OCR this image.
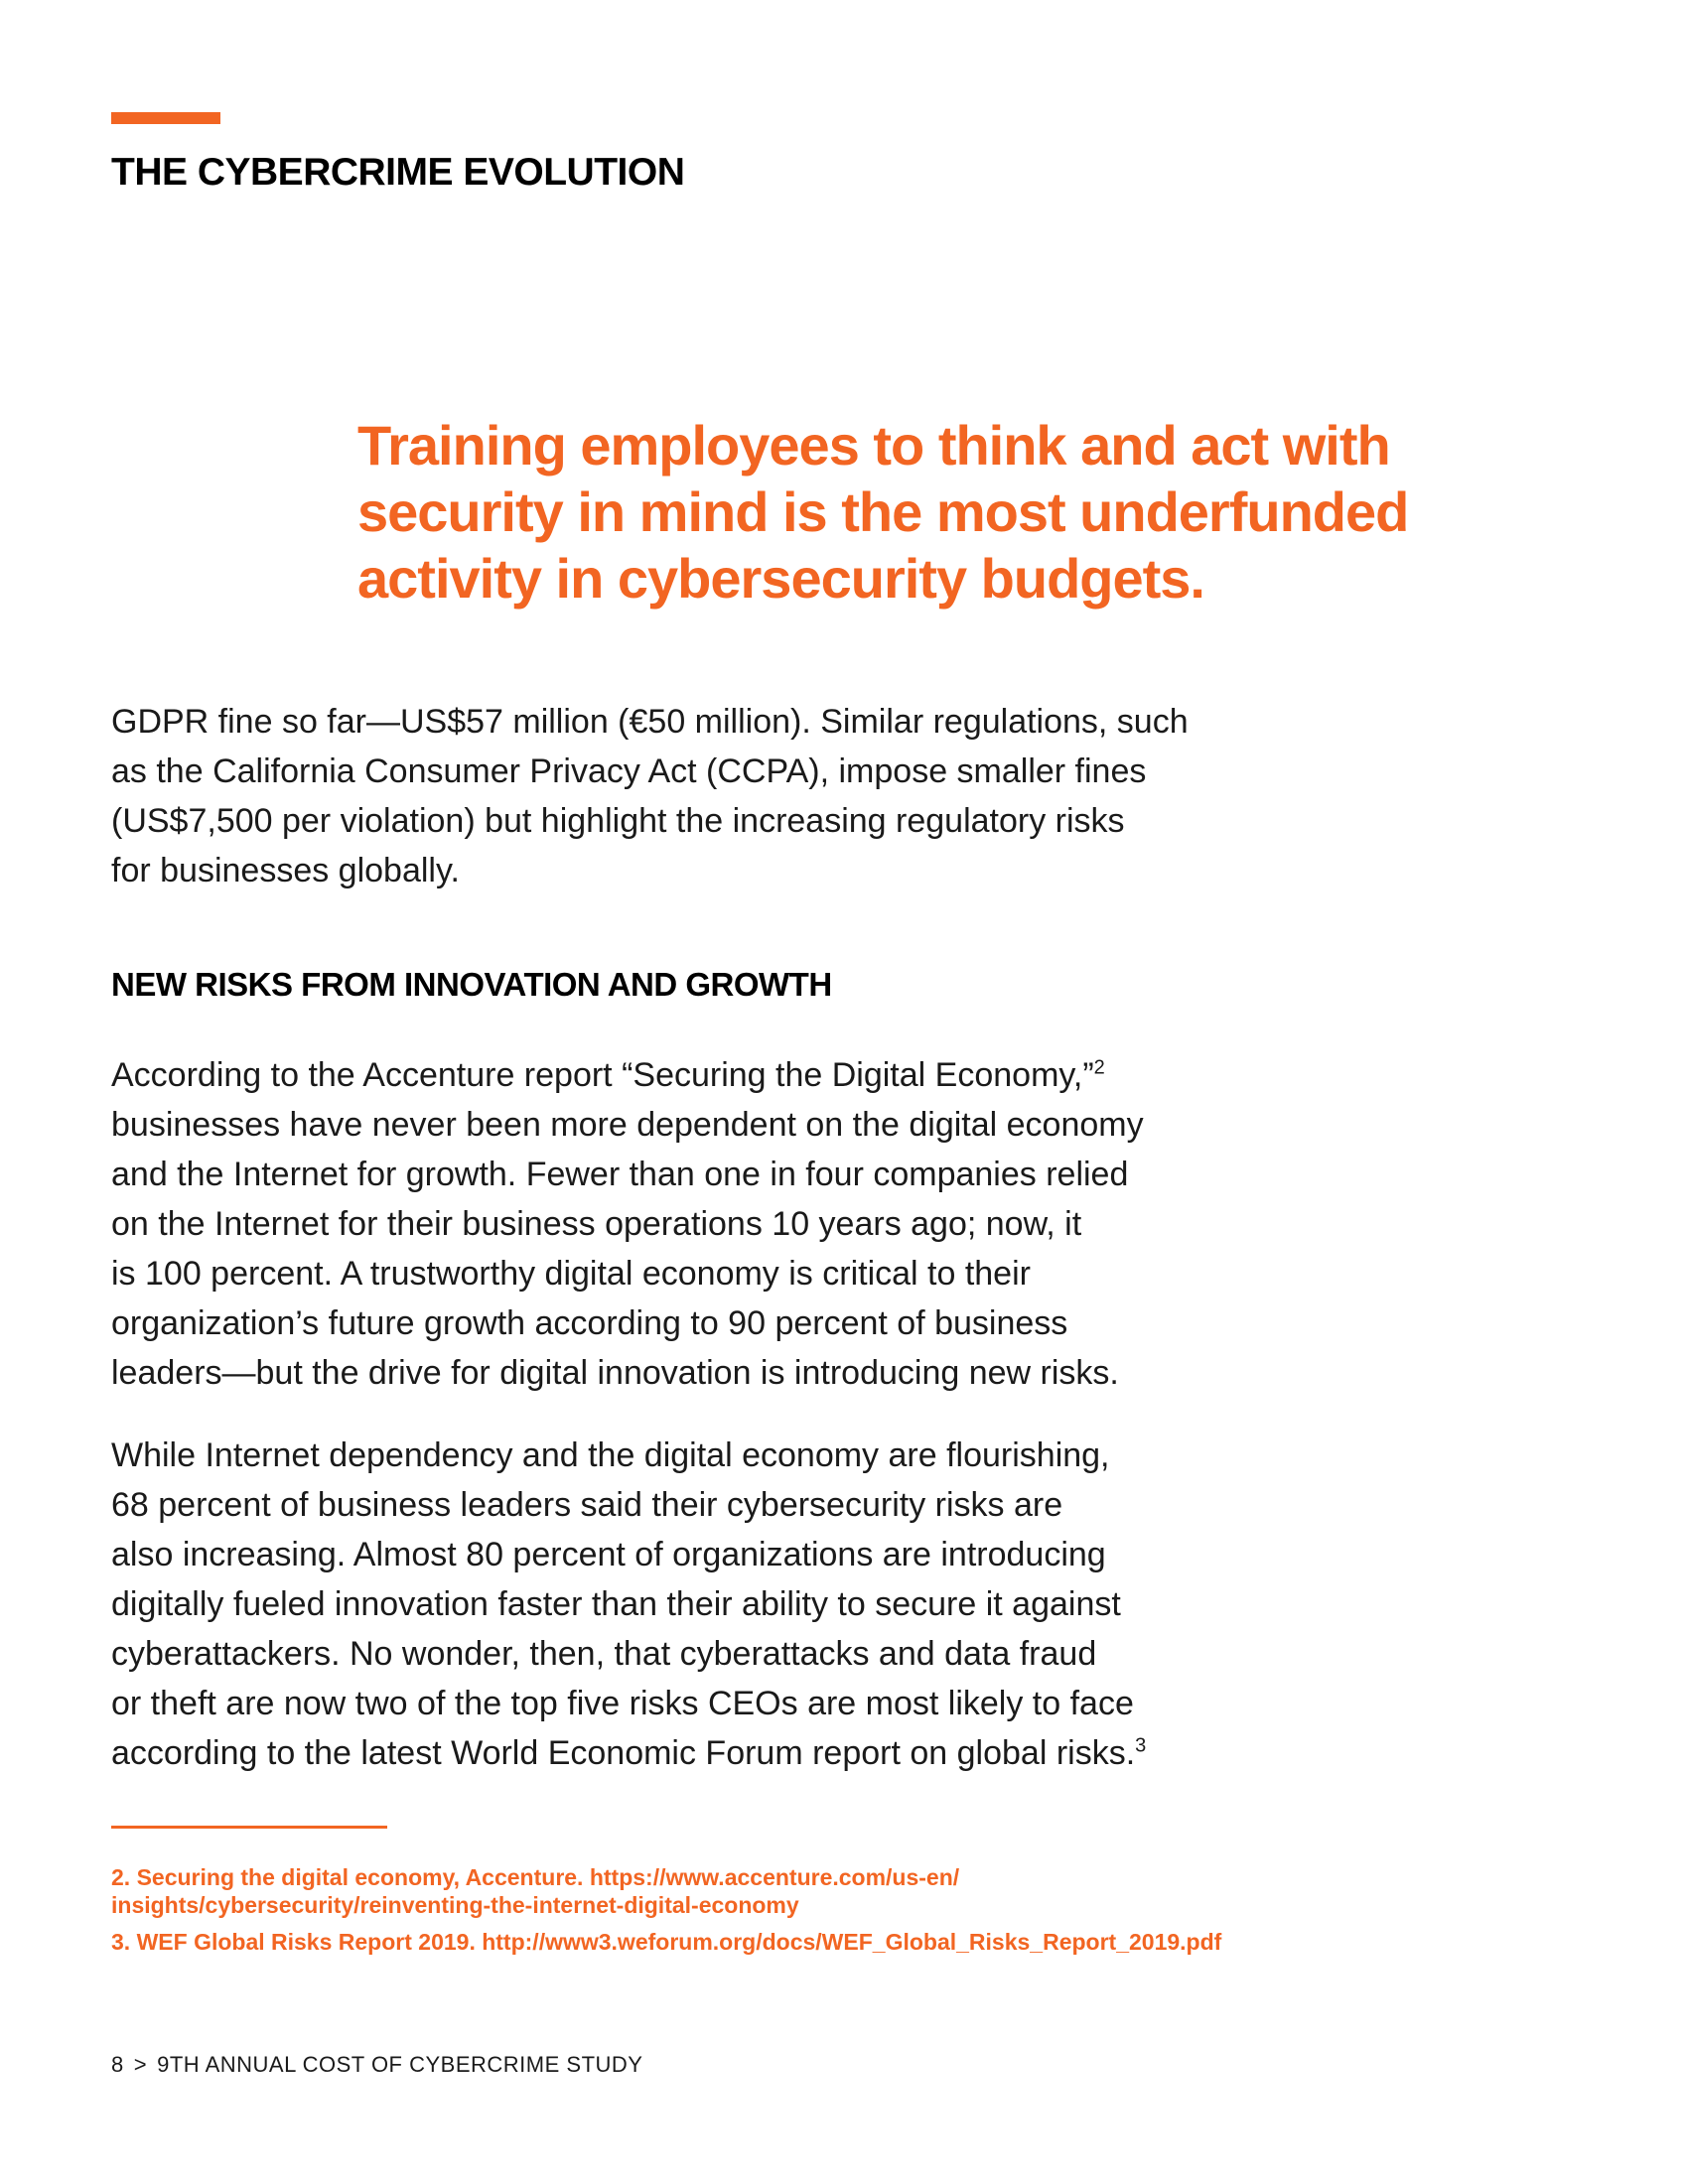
THE CYBERCRIME EVOLUTION
Training employees to think and act with
security in mind is the most underfunded
activity in cybersecurity budgets.

GDPR fine so far—US$57 million (€50 million). Similar regulations, such
as the California Consumer Privacy Act (CCPA), impose smaller fines
(US$7,500 per violation) but highlight the increasing regulatory risks
for businesses globally.

NEW RISKS FROM INNOVATION AND GROWTH

According to the Accenture report “Securing the Digital Economy,”$^2$
businesses have never been more dependent on the digital economy
and the Internet for growth. Fewer than one in four companies relied
on the Internet for their business operations 10 years ago; now, it
is 100 percent. A trustworthy digital economy is critical to their
organization’s future growth according to 90 percent of business
leaders—but the drive for digital innovation is introducing new risks.

While Internet dependency and the digital economy are flourishing,
68 percent of business leaders said their cybersecurity risks are
also increasing. Almost 80 percent of organizations are introducing
digitally fueled innovation faster than their ability to secure it against
cyberattackers. No wonder, then, that cyberattacks and data fraud
or theft are now two of the top five risks CEOs are most likely to face
according to the latest World Economic Forum report on global risks.$^3$

2. Securing the digital economy, Accenture. https://www.accenture.com/us-en/
insights/cybersecurity/reinventing-the-internet-digital-economy

3. WEF Global Risks Report 2019. http://www3.weforum.org/docs/WEF_Global_Risks_Report_2019.pdf

8 > 9TH ANNUAL COST OF CYBERCRIME STUDY
